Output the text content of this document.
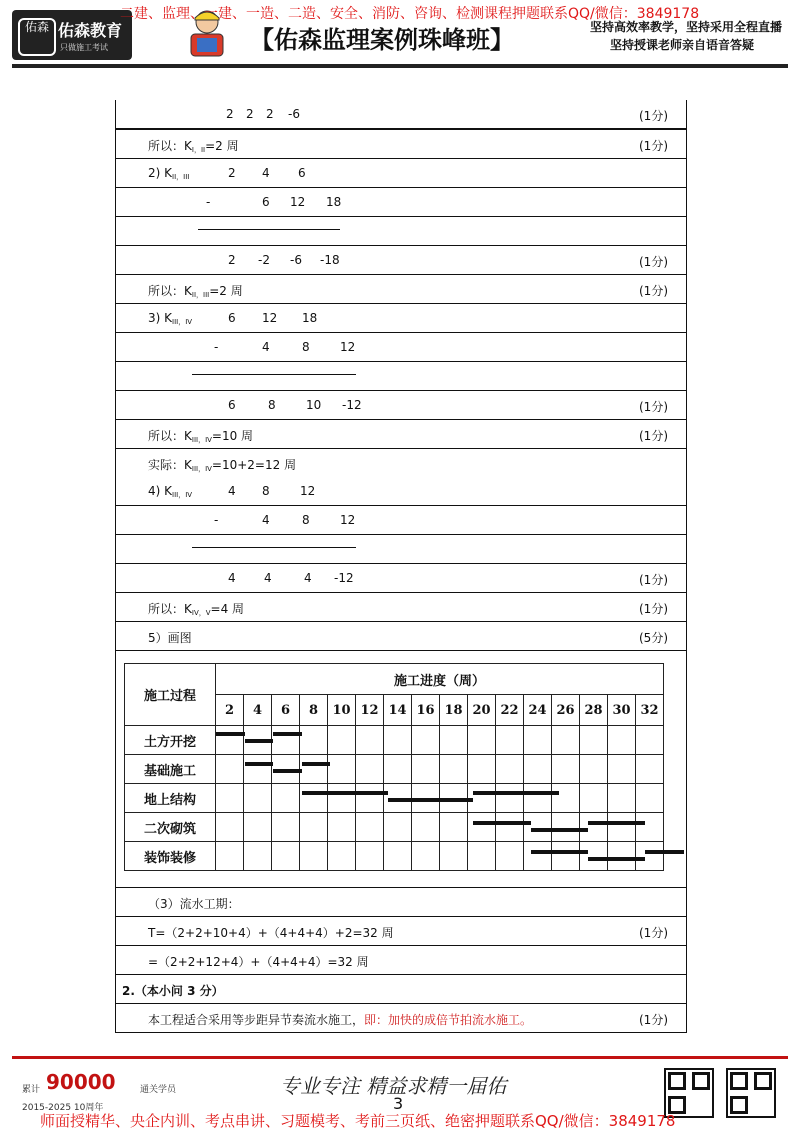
佑森 佑森教育
只做施工考试
二建、监理、一建、一造、二造、安全、消防、咨询、检测课程押题联系QQ/微信：3849178
【佑森监理案例珠峰班】	坚持高效率教学，坚持采用全程直播
坚持授课老师亲自语音答疑
2 2 2 -6	(1分)
所以：$K_{I,II}=2$ 周	(1分)
2) $K_{II,III}$	2 4 6
-	6 12 18
2 -2 -6 -18	(1分)
所以：$K_{II,III}=2$ 周	(1分)
3) $K_{III,IV}$	6 12 18
-	4	8	12
6	8	10 -12	(1分)
所以：$K_{III,IV}=10$ 周	(1分)
实际：$K_{III,IV}=10+2=12$ 周
4) $K_{III,IV}$	4 8	12
-	4	8	12
4 4	4 -12	(1分)
所以：$K_{IV,V}=4$ 周	(1分)
5）画图	(5分)
施工过程	施工进度（周）															
	2	4	6	8	10	12	14	16	18	20	22	24	26	28	30	32
土方开挖																
基础施工																
地上结构																
二次砌筑																
装饰装修																
（3）流水工期：
T=（2+2+10+4）+（4+4+4）+2=32 周	(1分)
=（2+2+12+4）+（4+4+4）=32 周
2.（本小问 3 分）
本工程适合采用等步距异节奏流水施工，即：加快的成倍节拍流水施工。	(1分)
累计 90000	通关学员
2015-2025 10周年
专业专注 精益求精一届佑
3
师面授精华、央企内训、考点串讲、习题模考、考前三页纸、绝密押题联系QQ/微信：3849178
